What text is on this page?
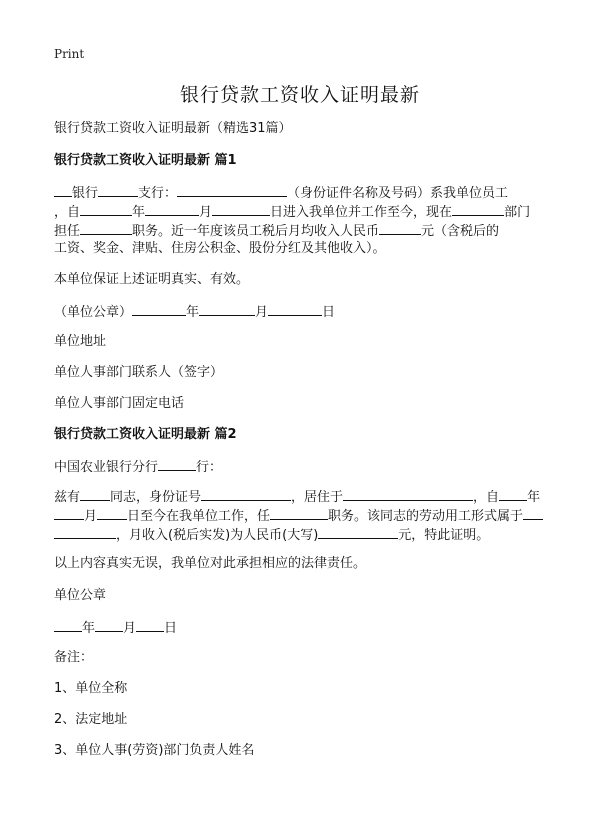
Print
银行贷款工资收入证明最新
银行贷款工资收入证明最新（精选31篇）
银行贷款工资收入证明最新 篇1
银行	支行：	（身份证件名称及号码）系我单位员工
，自	年	月	日进入我单位并工作至今，现在	部门
担任	职务。近一年度该员工税后月均收入人民币	元（含税后的
工资、奖金、津贴、住房公积金、股份分红及其他收入）。
本单位保证上述证明真实、有效。
（单位公章）	年	月	日
单位地址
单位人事部门联系人（签字）
单位人事部门固定电话
银行贷款工资收入证明最新 篇2
中国农业银行分行	行：
兹有 同志，身份证号	，居住于	，自 年
月 日至今在我单位工作，任	职务。该同志的劳动用工形式属于
，月收入(税后实发)为人民币(大写)	元，特此证明。
以上内容真实无误，我单位对此承担相应的法律责任。
单位公章
年 月 日
备注：
1、单位全称
2、法定地址
3、单位人事(劳资)部门负责人姓名
